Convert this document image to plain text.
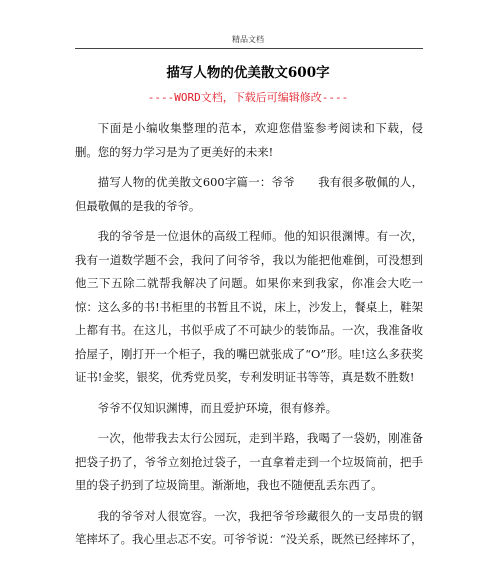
精品文档
描写人物的优美散文600字
----WORD文档，下载后可编辑修改----

下面是小编收集整理的范本，欢迎您借鉴参考阅读和下载，侵删。您的努力学习是为了更美好的未来!

描写人物的优美散文600字篇一：爷爷　　我有很多敬佩的人，但最敬佩的是我的爷爷。

我的爷爷是一位退休的高级工程师。他的知识很渊博。有一次，我有一道数学题不会，我问了问爷爷，我以为能把他难倒，可没想到他三下五除二就帮我解决了问题。如果你来到我家，你准会大吃一惊：这么多的书!书柜里的书暂且不说，床上，沙发上，餐桌上，鞋架上都有书。在这儿，书似乎成了不可缺少的装饰品。一次，我准备收拾屋子，刚打开一个柜子，我的嘴巴就张成了“O”形。哇!这么多获奖证书!金奖，银奖，优秀党员奖，专利发明证书等等，真是数不胜数!

爷爷不仅知识渊博，而且爱护环境，很有修养。

一次，他带我去太行公园玩，走到半路，我喝了一袋奶，刚准备把袋子扔了，爷爷立刻抢过袋子，一直拿着走到一个垃圾筒前，把手里的袋子扔到了垃圾筒里。渐渐地，我也不随便乱丢东西了。

我的爷爷对人很宽容。一次，我把爷爷珍藏很久的一支昂贵的钢笔摔坏了。我心里忐忑不安。可爷爷说：“没关系，既然已经摔坏了，
